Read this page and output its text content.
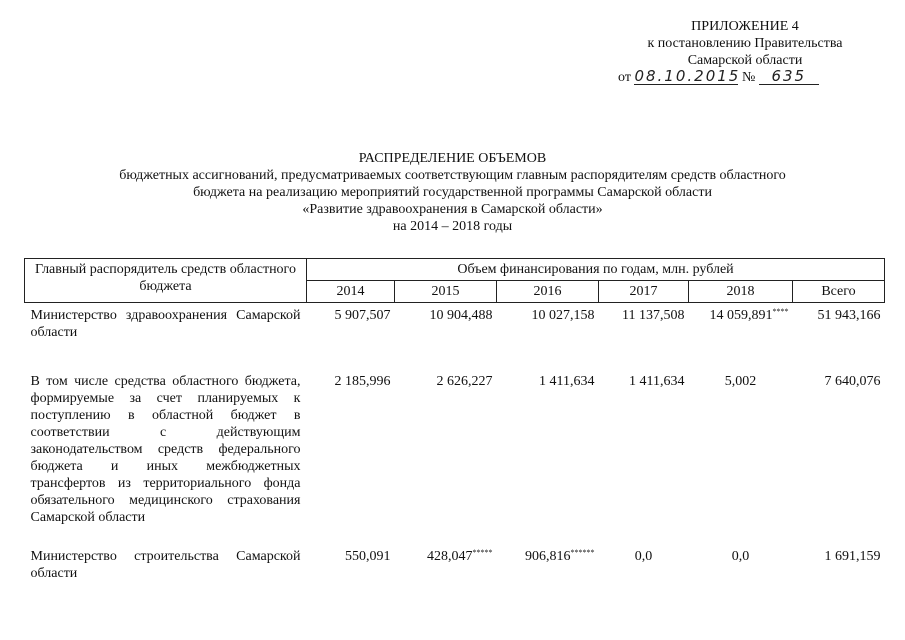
ПРИЛОЖЕНИЕ 4
к постановлению Правительства
Самарской области
от 08.10.2015 № 635
РАСПРЕДЕЛЕНИЕ ОБЪЕМОВ
бюджетных ассигнований, предусматриваемых соответствующим главным распорядителям средств областного
бюджета на реализацию мероприятий государственной программы Самарской области
«Развитие здравоохранения в Самарской области»
на 2014 – 2018 годы
Главный распорядитель средств областного бюджета	Объем финансирования по годам, млн. рублей					
	2014	2015	2016	2017	2018	Всего
Министерство здравоохранения Самарской области	5 907,507	10 904,488	10 027,158	11 137,508	14 059,891****	51 943,166

В том числе средства областного бюджета, формируемые за счет планируемых к поступлению в областной бюджет в соответствии с действующим законодательством средств федерального бюджета и иных межбюджетных трансфертов из территориального фонда обязательного медицинского страхования Самарской области	2 185,996	2 626,227	1 411,634	1 411,634	5,002	7 640,076

Министерство строительства Самарской области	550,091	428,047*****	906,816******	0,0	0,0	1 691,159
